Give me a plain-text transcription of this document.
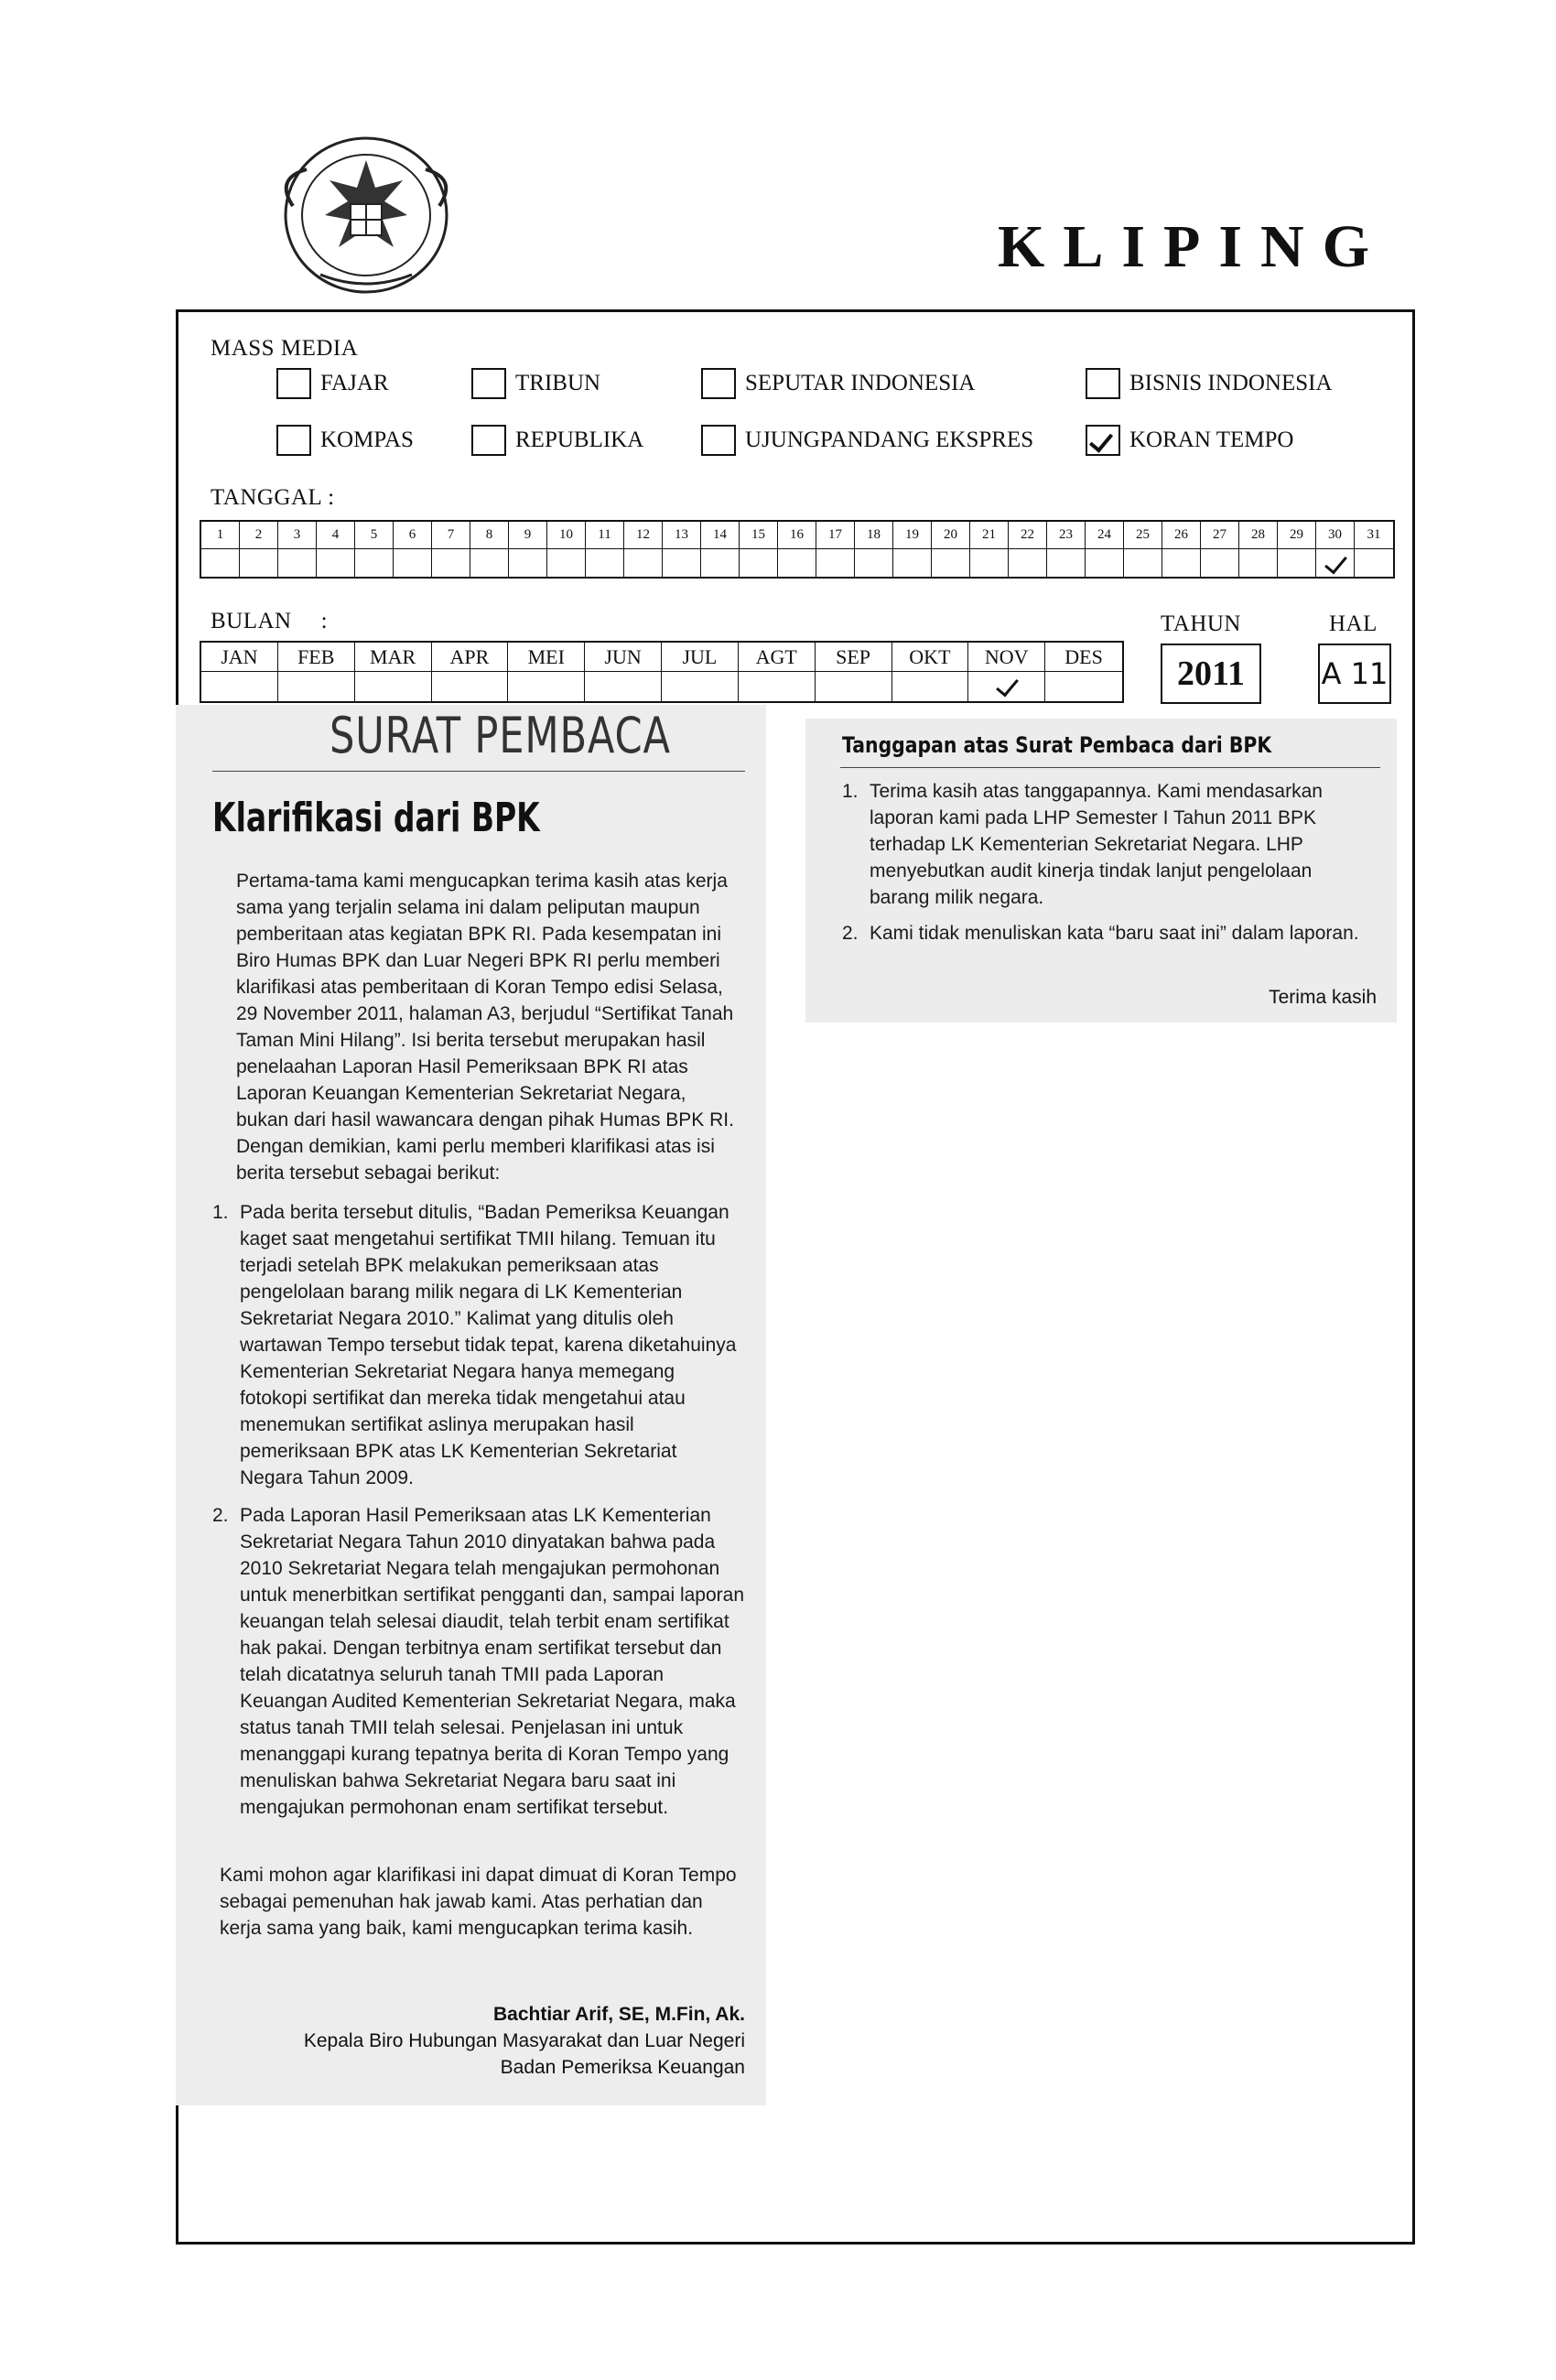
KLIPING
MASS MEDIA
FAJAR	TRIBUN	SEPUTAR INDONESIA	BISNIS INDONESIA
KOMPAS	REPUBLIKA	UJUNGPANDANG EKSPRES	KORAN TEMPO
TANGGAL :
1	2	3	4	5	6	7	8	9	10	11	12	13	14	15	16	17	18	19	20	21	22	23	24	25	26	27	28	29	30	31
BULAN :
JAN	FEB	MAR	APR	MEI	JUN	JUL	AGT	SEP	OKT	NOV	DES
TAHUN
2011
HAL
A 11
SURAT PEMBACA
Klarifikasi dari BPK

Pertama-tama kami mengucapkan terima kasih atas kerja sama yang terjalin selama ini dalam peliputan maupun pemberitaan atas kegiatan BPK RI. Pada kesempatan ini Biro Humas BPK dan Luar Negeri BPK RI perlu memberi klarifikasi atas pemberitaan di Koran Tempo edisi Selasa, 29 November 2011, halaman A3, berjudul “Sertifikat Tanah Taman Mini Hilang”. Isi berita tersebut merupakan hasil penelaahan Laporan Hasil Pemeriksaan BPK RI atas Laporan Keuangan Kementerian Sekretariat Negara, bukan dari hasil wawancara dengan pihak Humas BPK RI. Dengan demikian, kami perlu memberi klarifikasi atas isi berita tersebut sebagai berikut:

1. Pada berita tersebut ditulis, “Badan Pemeriksa Keuangan kaget saat mengetahui sertifikat TMII hilang. Temuan itu terjadi setelah BPK melakukan pemeriksaan atas pengelolaan barang milik negara di LK Kementerian Sekretariat Negara 2010.” Kalimat yang ditulis oleh wartawan Tempo tersebut tidak tepat, karena diketahuinya Kementerian Sekretariat Negara hanya memegang fotokopi sertifikat dan mereka tidak mengetahui atau menemukan sertifikat aslinya merupakan hasil pemeriksaan BPK atas LK Kementerian Sekretariat Negara Tahun 2009.
2. Pada Laporan Hasil Pemeriksaan atas LK Kementerian Sekretariat Negara Tahun 2010 dinyatakan bahwa pada 2010 Sekretariat Negara telah mengajukan permohonan untuk menerbitkan sertifikat pengganti dan, sampai laporan keuangan telah selesai diaudit, telah terbit enam sertifikat hak pakai. Dengan terbitnya enam sertifikat tersebut dan telah dicatatnya seluruh tanah TMII pada Laporan Keuangan Audited Kementerian Sekretariat Negara, maka status tanah TMII telah selesai. Penjelasan ini untuk menanggapi kurang tepatnya berita di Koran Tempo yang menuliskan bahwa Sekretariat Negara baru saat ini mengajukan permohonan enam sertifikat tersebut.

Kami mohon agar klarifikasi ini dapat dimuat di Koran Tempo sebagai pemenuhan hak jawab kami. Atas perhatian dan kerja sama yang baik, kami mengucapkan terima kasih.

Bachtiar Arif, SE, M.Fin, Ak.
Kepala Biro Hubungan Masyarakat dan Luar Negeri
Badan Pemeriksa Keuangan
Tanggapan atas Surat Pembaca dari BPK
1. Terima kasih atas tanggapannya. Kami mendasarkan laporan kami pada LHP Semester I Tahun 2011 BPK terhadap LK Kementerian Sekretariat Negara. LHP menyebutkan audit kinerja tindak lanjut pengelolaan barang milik negara.
2. Kami tidak menuliskan kata “baru saat ini” dalam laporan.
Terima kasih
